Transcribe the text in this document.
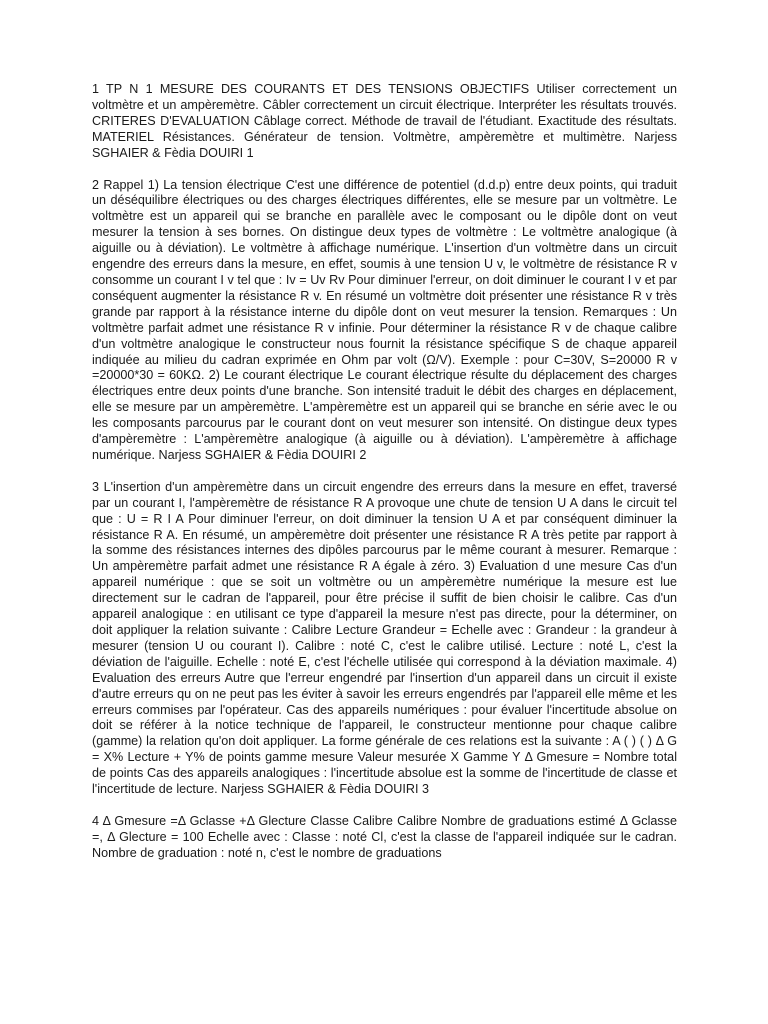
1 TP N 1 MESURE DES COURANTS ET DES TENSIONS OBJECTIFS Utiliser correctement un voltmètre et un ampèremètre. Câbler correctement un circuit électrique. Interpréter les résultats trouvés. CRITERES D'EVALUATION Câblage correct. Méthode de travail de l'étudiant. Exactitude des résultats. MATERIEL Résistances. Générateur de tension. Voltmètre, ampèremètre et multimètre. Narjess SGHAIER & Fèdia DOUIRI 1

2 Rappel 1) La tension électrique C'est une différence de potentiel (d.d.p) entre deux points, qui traduit un déséquilibre électriques ou des charges électriques différentes, elle se mesure par un voltmètre. Le voltmètre est un appareil qui se branche en parallèle avec le composant ou le dipôle dont on veut mesurer la tension à ses bornes. On distingue deux types de voltmètre : Le voltmètre analogique (à aiguille ou à déviation). Le voltmètre à affichage numérique. L'insertion d'un voltmètre dans un circuit engendre des erreurs dans la mesure, en effet, soumis à une tension U v, le voltmètre de résistance R v consomme un courant I v tel que : Iv = Uv Rv Pour diminuer l'erreur, on doit diminuer le courant I v et par conséquent augmenter la résistance R v. En résumé un voltmètre doit présenter une résistance R v très grande par rapport à la résistance interne du dipôle dont on veut mesurer la tension. Remarques : Un voltmètre parfait admet une résistance R v infinie. Pour déterminer la résistance R v de chaque calibre d'un voltmètre analogique le constructeur nous fournit la résistance spécifique S de chaque appareil indiquée au milieu du cadran exprimée en Ohm par volt (Ω/V). Exemple : pour C=30V, S=20000 R v =20000*30 = 60KΩ. 2) Le courant électrique Le courant électrique résulte du déplacement des charges électriques entre deux points d'une branche. Son intensité traduit le débit des charges en déplacement, elle se mesure par un ampèremètre. L'ampèremètre est un appareil qui se branche en série avec le ou les composants parcourus par le courant dont on veut mesurer son intensité. On distingue deux types d'ampèremètre : L'ampèremètre analogique (à aiguille ou à déviation). L'ampèremètre à affichage numérique. Narjess SGHAIER & Fèdia DOUIRI 2

3 L'insertion d'un ampèremètre dans un circuit engendre des erreurs dans la mesure en effet, traversé par un courant I, l'ampèremètre de résistance R A provoque une chute de tension U A dans le circuit tel que : U = R I A Pour diminuer l'erreur, on doit diminuer la tension U A et par conséquent diminuer la résistance R A. En résumé, un ampèremètre doit présenter une résistance R A très petite par rapport à la somme des résistances internes des dipôles parcourus par le même courant à mesurer. Remarque : Un ampèremètre parfait admet une résistance R A égale à zéro. 3) Evaluation d une mesure Cas d'un appareil numérique : que se soit un voltmètre ou un ampèremètre numérique la mesure est lue directement sur le cadran de l'appareil, pour être précise il suffit de bien choisir le calibre. Cas d'un appareil analogique : en utilisant ce type d'appareil la mesure n'est pas directe, pour la déterminer, on doit appliquer la relation suivante : Calibre Lecture Grandeur = Echelle avec : Grandeur : la grandeur à mesurer (tension U ou courant I). Calibre : noté C, c'est le calibre utilisé. Lecture : noté L, c'est la déviation de l'aiguille. Echelle : noté E, c'est l'échelle utilisée qui correspond à la déviation maximale. 4) Evaluation des erreurs Autre que l'erreur engendré par l'insertion d'un appareil dans un circuit il existe d'autre erreurs qu on ne peut pas les éviter à savoir les erreurs engendrés par l'appareil elle même et les erreurs commises par l'opérateur. Cas des appareils numériques : pour évaluer l'incertitude absolue on doit se référer à la notice technique de l'appareil, le constructeur mentionne pour chaque calibre (gamme) la relation qu'on doit appliquer. La forme générale de ces relations est la suivante : A ( ) ( ) Δ G = X% Lecture + Y% de points gamme mesure Valeur mesurée X Gamme Y Δ Gmesure = Nombre total de points Cas des appareils analogiques : l'incertitude absolue est la somme de l'incertitude de classe et l'incertitude de lecture. Narjess SGHAIER & Fèdia DOUIRI 3

4 Δ Gmesure =Δ Gclasse +Δ Glecture Classe Calibre Calibre Nombre de graduations estimé Δ Gclasse =, Δ Glecture = 100 Echelle avec : Classe : noté Cl, c'est la classe de l'appareil indiquée sur le cadran. Nombre de graduation : noté n, c'est le nombre de graduations
